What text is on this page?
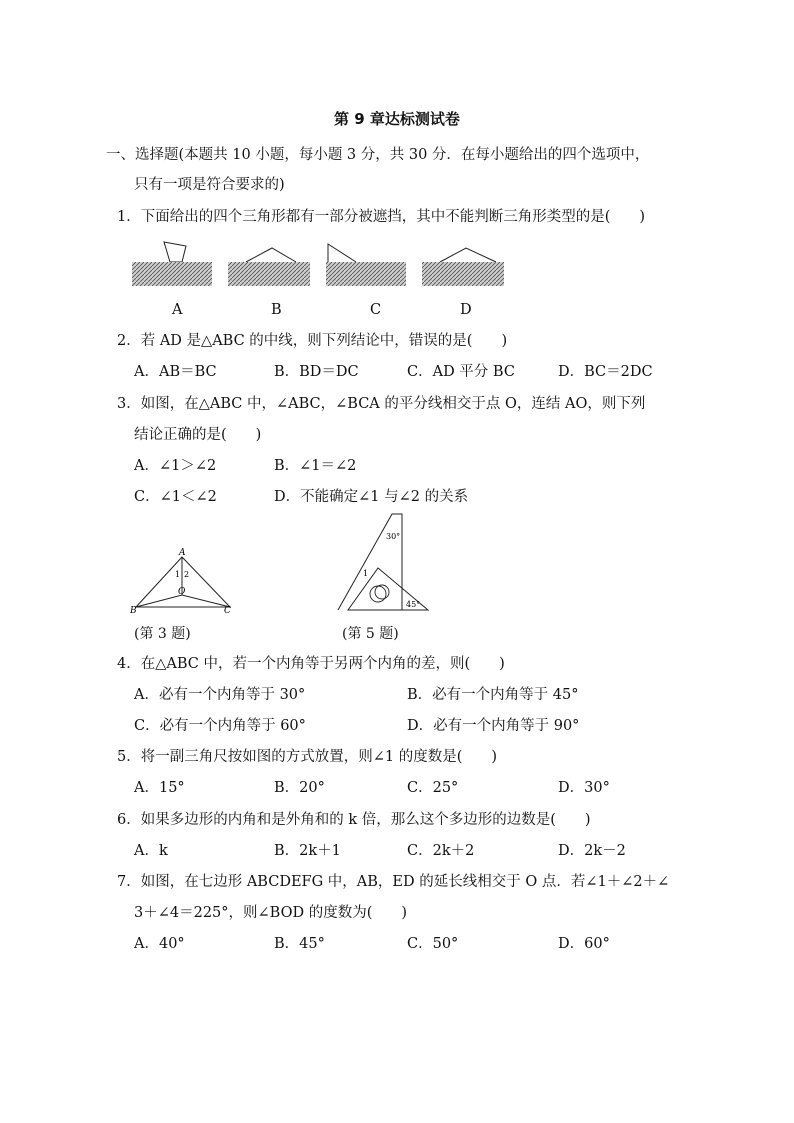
第 9 章达标测试卷
一、选择题(本题共 10 小题，每小题 3 分，共 30 分．在每小题给出的四个选项中，
只有一项是符合要求的)
1．下面给出的四个三角形都有一部分被遮挡，其中不能判断三角形类型的是(　　)
A	B	C	D
2．若 AD 是△ABC 的中线，则下列结论中，错误的是(　　)
A．AB＝BC	B．BD＝DC	C．AD 平分 BC	D．BC＝2DC
3．如图，在△ABC 中，∠ABC，∠BCA 的平分线相交于点 O，连结 AO，则下列
结论正确的是(　　)
A．∠1＞∠2	B．∠1＝∠2
C．∠1＜∠2	D．不能确定∠1 与∠2 的关系
A
B	C
O
1 2
30°
45°
1
(第 3 题)	(第 5 题)
4．在△ABC 中，若一个内角等于另两个内角的差，则(　　)
A．必有一个内角等于 30°	B．必有一个内角等于 45°
C．必有一个内角等于 60°	D．必有一个内角等于 90°
5．将一副三角尺按如图的方式放置，则∠1 的度数是(　　)
A．15°	B．20°	C．25°	D．30°
6．如果多边形的内角和是外角和的 k 倍，那么这个多边形的边数是(　　)
A．k	B．2k＋1	C．2k＋2	D．2k－2
7．如图，在七边形 ABCDEFG 中，AB，ED 的延长线相交于 O 点．若∠1＋∠2＋∠
3＋∠4＝225°，则∠BOD 的度数为(　　)
A．40°	B．45°	C．50°	D．60°
